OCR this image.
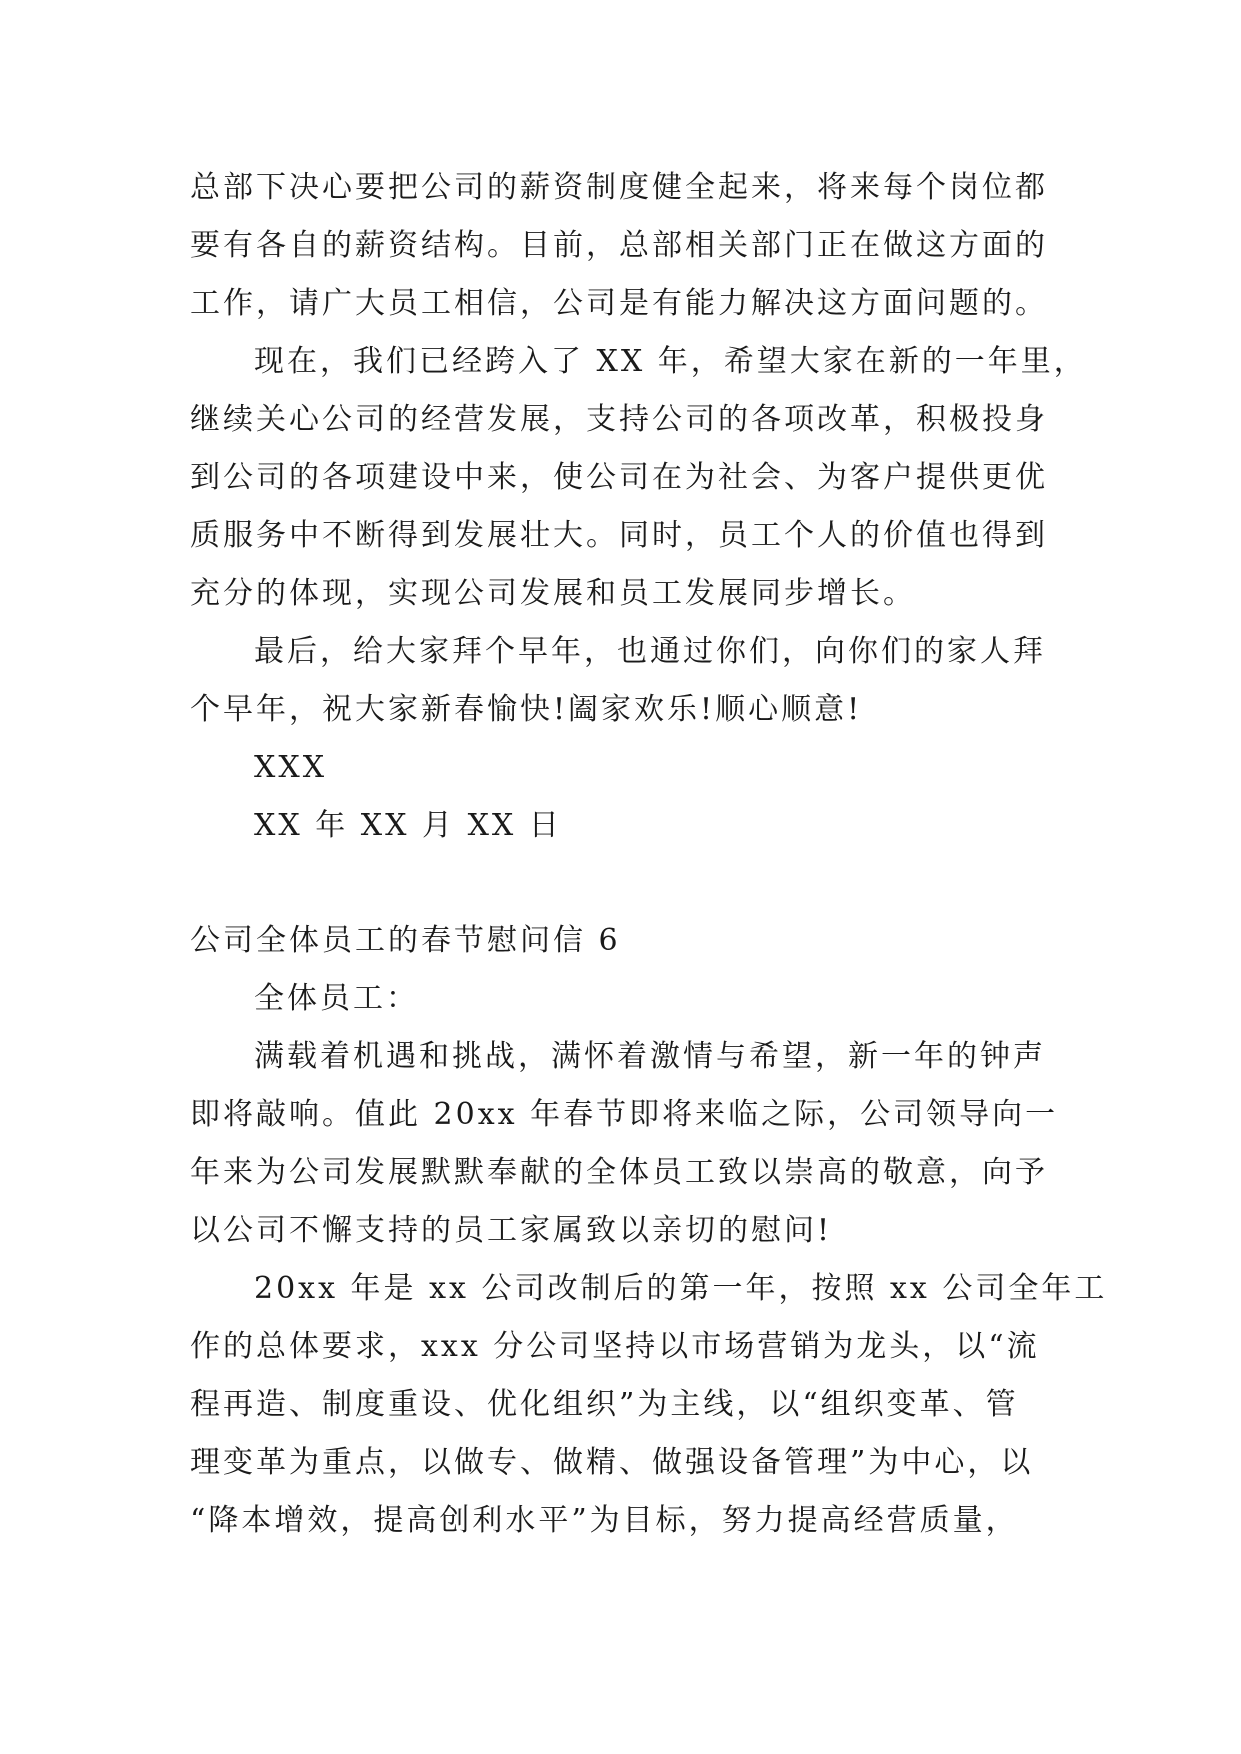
总部下决心要把公司的薪资制度健全起来，将来每个岗位都
要有各自的薪资结构。目前，总部相关部门正在做这方面的
工作，请广大员工相信，公司是有能力解决这方面问题的。
现在，我们已经跨入了 XX 年，希望大家在新的一年里，
继续关心公司的经营发展，支持公司的各项改革，积极投身
到公司的各项建设中来，使公司在为社会、为客户提供更优
质服务中不断得到发展壮大。同时，员工个人的价值也得到
充分的体现，实现公司发展和员工发展同步增长。
最后，给大家拜个早年，也通过你们，向你们的家人拜
个早年，祝大家新春愉快!阖家欢乐!顺心顺意!
XXX
XX 年 XX 月 XX 日
公司全体员工的春节慰问信 6
全体员工：
满载着机遇和挑战，满怀着激情与希望，新一年的钟声
即将敲响。值此 20xx 年春节即将来临之际，公司领导向一
年来为公司发展默默奉献的全体员工致以崇高的敬意，向予
以公司不懈支持的员工家属致以亲切的慰问!
20xx 年是 xx 公司改制后的第一年，按照 xx 公司全年工
作的总体要求，xxx 分公司坚持以市场营销为龙头，以“流
程再造、制度重设、优化组织”为主线，以“组织变革、管
理变革为重点，以做专、做精、做强设备管理”为中心，以
“降本增效，提高创利水平”为目标，努力提高经营质量，
